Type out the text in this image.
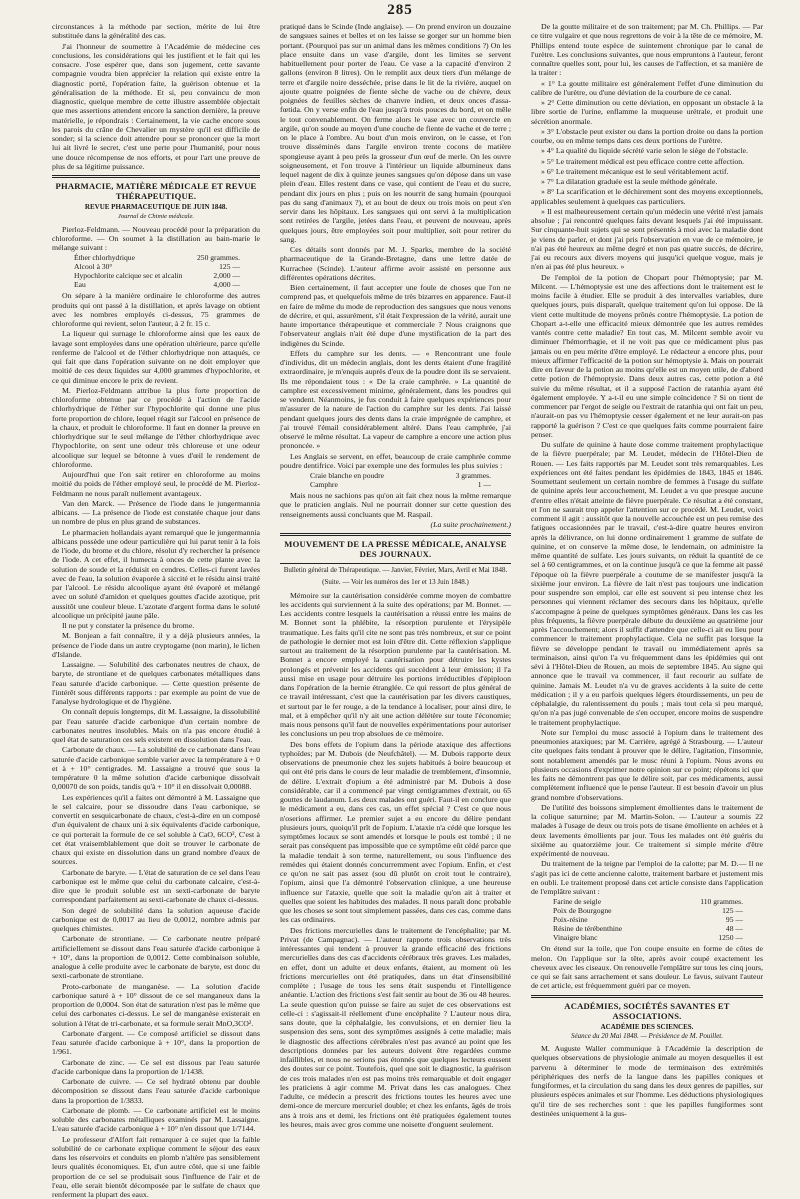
285

circonstances à la méthode par section, mérite de lui être substituée dans la généralité des cas.

J'ai l'honneur de soumettre à l'Académie de médecine ces conclusions, les considérations qui les justifient et le fait qui les consacre. J'ose espérer que, dans son jugement, cette savante compagnie voudra bien apprécier la relation qui existe entre la diagnostic porté, l'opération faite, la guérison obtenue et la généralisation de la méthode. Et si, peu convaincu de mon diagnostic, quelque membre de cette illustre assemblée objectait que mes assertions attendent encore la sanction dernière, la preuve matérielle, je répondrais : Certainement, la vie cache encore sous les parois du crâne de Chevalier un mystère qu'il est difficile de sonder; si la science doit attendre pour se prononcer que la mort lui ait livré le secret, c'est une perte pour l'humanité, pour nous une douce récompense de nos efforts, et pour l'art une preuve de plus de sa légitime puissance.

PHARMACIE, MATIÈRE MÉDICALE ET REVUE THÉRAPEUTIQUE.
REVUE PHARMACEUTIQUE DE JUIN 1848.
Journal de Chimie médicale.

Pierloz-Feldmann. — Nouveau procédé pour la préparation du chloroforme. — On soumet à la distillation au bain-marie le mélange suivant :

Éther chlorhydrique	250 grammes.
Alcool à 30°	125 —
Hypochlorite calcique sec et alcalin	2,000 —
Eau	4,000 —

On sépare à la manière ordinaire le chloroforme des autres produits qui ont passé à la distillation, et après lavage on obtient avec les nombres employés ci-dessus, 75 grammes de chloroforme qui revient, selon l'auteur, à 2 fr. 15 c.

La liqueur qui surnage le chloroforme ainsi que les eaux de lavage sont employées dans une opération ultérieure, parce qu'elle renferme de l'alcool et de l'éther chlorhydrique non attaqués, ce qui fait que dans l'opération suivante on ne doit employer que moitié de ces deux liquides sur 4,000 grammes d'hypochlorite, et ce qui diminue encore le prix de revient.

M. Pierloz-Feldmann attribue la plus forte proportion de chloroforme obtenue par ce procédé à l'action de l'acide chlorhydrique de l'éther sur l'hypochlorite qui donne une plus forte proportion de chlore, lequel réagit sur l'alcool en présence de la chaux, et produit le chloroforme. Il faut en donner la preuve en chlorhydrique sur le seul mélange de l'éther chlorhydrique avec l'hypochlorite, on sent une odeur très chloreuse et une odeur alcoolique sur lequel se bétonne à vues d'œil le rendement de chloroforme.

Aujourd'hui que l'on sait retirer en chloroforme au moins moitié du poids de l'éther employé seul, le procédé de M. Pierloz-Feldmann ne nous paraît nullement avantageux.

Van den Marck. — Présence de l'iode dans le jungermannia albicans. — La présence de l'iode est constatée chaque jour dans un nombre de plus en plus grand de substances.

Le pharmacien hollandais ayant remarqué que le jungermannia albicans possède une odeur particulière qui lui parut tenir à la fois de l'iode, du brome et du chlore, résolut d'y rechercher la présence de l'iode. A cet effet, il humecta à onces de cette plante avec la solution de soude et la réduisit en cendres. Celles-ci furent lavées avec de l'eau, la solution évaporée à siccité et le résidu ainsi traité par l'alcool. Le résidu alcoolique ayant été évaporé et mélangé avec un soluté d'amidon et quelques gouttes d'acide azotique, prit aussitôt une couleur bleue. L'azotate d'argent forma dans le soluté alcoolique un précipité jaune pâle.

Il ne put y constater la présence du brome.

M. Bonjean a fait connaître, il y a déjà plusieurs années, la présence de l'iode dans un autre cryptogame (non marin), le lichen d'Islande.

Lassaigne. — Solubilité des carbonates neutres de chaux, de baryte, de strontiane et de quelques carbonates métalliques dans l'eau saturée d'acide carbonique. — Cette question présente de l'intérêt sous différents rapports : par exemple au point de vue de l'analyse hydrologique et de l'hygiène.

On connaît depuis longtemps, dit M. Lassaigne, la dissolubilité par l'eau saturée d'acide carbonique d'un certain nombre de carbonates neutres insolubles. Mais on n'a pas encore étudié à quel état de saturation ces sels existent en dissolution dans l'eau.

Carbonate de chaux. — La solubilité de ce carbonate dans l'eau saturée d'acide carbonique semble varier avec la température à + 0 et à + 10° centigrades. M. Lassaigne a trouvé que sous la température 0 la même solution d'acide carbonique dissolvait 0,00070 de son poids, tandis qu'à + 10° il en dissolvait 0,00088.

Les expériences qu'il a faites ont démontré à M. Lassaigne que le sel calcaire, pour se dissoudre dans l'eau carbonique, se convertit en sesquicarbonate de chaux, c'est-à-dire en un composé d'un équivalent de chaux uni à six équivalents d'acide carbonique, ce qui porterait la formule de ce sel soluble à CaO, 6CO², C'est à cet état vraisemblablement que doit se trouver le carbonate de chaux qui existe en dissolution dans un grand nombre d'eaux de sources.

Carbonate de baryte. — L'état de saturation de ce sel dans l'eau carbonique est le même que celui du carbonate calcaire, c'est-à-dire que le produit soluble est un sexti-carbonate de baryte correspondant parfaitement au sexti-carbonate de chaux ci-dessus.

Son degré de solubilité dans la solution aqueuse d'acide carbonique est de 0,0017 au lieu de 0,0012, nombre admis par quelques chimistes.

Carbonate de strontiane. — Ce carbonate neutre préparé artificiellement se dissout dans l'eau saturée d'acide carbonique à + 10°, dans la proportion de 0,0012. Cette combinaison soluble, analogue à celle produite avec le carbonate de baryte, est donc du sexti-carbonate de strontiane.

Proto-carbonate de manganèse. — La solution d'acide carbonique saturé à + 10° dissout de ce sel manganeux dans la proportion de 0,0004. Son état de saturation n'est pas le même que celui des carbonates ci-dessus. Le sel de manganèse existerait en solution à l'état de tri-carbonate, et sa formule serait MnO,3CO².

Carbonate d'argent. — Ce composé artificiel se dissout dans l'eau saturée d'acide carbonique à + 10°, dans la proportion de 1/961.

Carbonate de zinc. — Ce sel est dissous par l'eau saturée d'acide carbonique dans la proportion de 1/1438.

Carbonate de cuivre. — Ce sel hydraté obtenu par double décomposition se dissout dans l'eau saturée d'acide carbonique dans la proportion de 1/3833.

Carbonate de plomb. — Ce carbonate artificiel est le moins soluble des carbonates métalliques examinés par M. Lassaigne. L'eau saturée d'acide carbonique à + 10° n'en dissout que 1/7144.

Le professeur d'Alfort fait remarquer à ce sujet que la faible solubilité de ce carbonate explique comment le séjour des eaux dans les réservoirs et conduits en plomb n'altère pas sensiblement leurs qualités économiques. Et, d'un autre côté, que si une faible proportion de ce sel se produisait sous l'influence de l'air et de l'eau, elle serait bientôt décomposée par le sulfate de chaux que renferment la plupart des eaux.

pratiqué dans le Scinde (Inde anglaise). — On prend environ un douzaine de sangsues saines et belles et on les laisse se gorger sur un homme bien portant. (Pourquoi pas sur un animal dans les mêmes conditions ?) On les place ensuite dans un vase d'argile, dont les limites se servent habituellement pour porter de l'eau. Ce vase a la capacité d'environ 2 gallons (environ 8 litres). On le remplit aux deux tiers d'un mélange de terre et d'argile noire desséchée, prise dans le lit de la rivière, auquel on ajoute quatre poignées de fiente sèche de vache ou de chèvre, deux poignées de feuilles sèches de chanvre indien, et deux onces d'assa-fœtida. On y verse enfin de l'eau jusqu'à trois pouces du bord, et on mêle le tout convenablement. On ferme alors le vase avec un couvercle en argile, qu'on soude au moyen d'une couche de fiente de vache et de terre ; on le place à l'ombre. Au bout d'un mois environ, on le casse, et l'on trouve disséminés dans l'argile environ trente cocons de matière spongieuse ayant à peu près la grosseur d'un œuf de merle. On les ouvre soigneusement, et l'on trouve à l'intérieur un liquide albumineux dans lequel nagent de dix à quinze jeunes sangsues qu'on dépose dans un vase plein d'eau. Elles restent dans ce vase, qui contient de l'eau et du sucre, pendant dix jours en plus ; puis on les nourrit de sang humain (pourquoi pas du sang d'animaux ?), et au bout de deux ou trois mois on peut s'en servir dans les hôpitaux. Les sangsues qui ont servi à la multiplication sont retirées de l'argile, jetées dans l'eau, et peuvent de nouveau, après quelques jours, être employées soit pour multiplier, soit pour retirer du sang.

Ces détails sont donnés par M. J. Sparks, membre de la société pharmaceutique de la Grande-Bretagne, dans une lettre datée de Kurrachee (Scinde). L'auteur affirme avoir assisté en personne aux différentes opérations décrites.

Bien certainement, il faut accepter une foule de choses que l'on ne comprend pas, et quelquefois même de très bizarres en apparence. Faut-il en faire de même du mode de reproduction des sangsues que nous venons de décrire, et qui, assurément, s'il était l'expression de la vérité, aurait une haute importance thérapeutique et commerciale ? Nous craignons que l'observateur anglais n'ait été dupe d'une mystification de la part des indigènes du Scinde.

Effets du camphre sur les dents. — « Rencontrant une foule d'individus, dit un médecin anglais, dont les dents étaient d'une fragilité extraordinaire, je m'enquis auprès d'eux de la poudre dont ils se servaient. Ils me répondaient tous : « De la craie camphrée. » La quantité de camphre est excessivement minime, généralement, dans les poudres qui se vendent. Néanmoins, je fus conduit à faire quelques expériences pour m'assurer de la nature de l'action du camphre sur les dents. J'ai laissé pendant quelques jours des dents dans la craie imprégnée de camphre, et j'ai trouvé l'émail considérablement altéré. Dans l'eau camphrée, j'ai observé le même résultat. La vapeur de camphre a encore une action plus prononcée. »

Les Anglais se servent, en effet, beaucoup de craie camphrée comme poudre dentifrice. Voici par exemple une des formules les plus suivies :

Craie blanche en poudre	3 grammes.
Camphre	1 —

Mais nous ne sachions pas qu'on ait fait chez nous la même remarque que le praticien anglais. Nul ne pourrait donner sur cette question des renseignements aussi concluants que M. Raspail.

(La suite prochainement.)
MOUVEMENT DE LA PRESSE MÉDICALE, ANALYSE DES JOURNAUX.
Bulletin général de Thérapeutique. — Janvier, Février, Mars, Avril et Mai 1848.
(Suite. — Voir les numéros des 1er et 13 Juin 1848.)

Mémoire sur la cautérisation considérée comme moyen de combattre les accidents qui surviennent à la suite des opérations; par M. Bonnet. — Les accidents contre lesquels la cautérisation a réussi entre les mains de M. Bonnet sont la phlébite, la résorption purulente et l'érysipèle traumatique. Les faits qu'il cite ne sont pas très nombreux, et sur ce point de pathologie le dernier mot est loin d'être dit. Cette réflexion s'applique surtout au traitement de la résorption purulente par la cautérisation. M. Bonnet a encore employé la cautérisation pour détruire les kystes prolongés et prévenir les accidents qui succèdent à leur émission; il l'a aussi mise en usage pour détruire les portions irréductibles d'épiploon dans l'opération de la hernie étranglée. Ce qui ressort de plus général de ce travail intéressant, c'est que la cautérisation par les divers caustiques, et surtout par le fer rouge, a de la tendance à localiser, pour ainsi dire, le mal, et à empêcher qu'il n'y ait une action délétère sur toute l'économie; mais nous pensons qu'il faut de nouvelles expérimentations pour autoriser les conclusions un peu trop absolues de ce mémoire.

Des bons effets de l'opium dans la période ataxique des affections typhoïdes; par M. Dubois (de Neufchâtel). — M. Dubois rapporte deux observations de pneumonie chez les sujets habitués à boire beaucoup et qui ont été pris dans le cours de leur maladie de tremblement, d'insomnie, de délire. L'extrait d'opium a été administré par M. Dubois à dose considérable, car il a commencé par vingt centigrammes d'extrait, ou 65 gouttes de laudanum. Les deux malades ont guéri. Faut-il en conclure que le médicament a eu, dans ces cas, un effet spécial ? C'est ce que nous n'oserions affirmer. Le premier sujet a eu encore du délire pendant plusieurs jours, quoiqu'il prît de l'opium. L'ataxie n'a cédé que lorsque les symptômes locaux se sont amendés et lorsque le pouls est tombé ; il ne serait pas conséquent pas impossible que ce symptôme eût cédé parce que la maladie tendait à son terme, naturellement, ou sous l'influence des remèdes qui étaient donnés concurremment avec l'opium. Enfin, et c'est ce qu'on ne sait pas assez (sou dû plutôt on croit tout le contraire), l'opium, ainsi que l'a démontré l'observation clinique, a une heureuse influence sur l'ataxie, quelle que soit la maladie qu'on ait à traiter et quelles que soient les habitudes des malades. Il nous paraît donc probable que les choses se sont tout simplement passées, dans ces cas, comme dans les cas ordinaires.

Des frictions mercurielles dans le traitement de l'encéphalite; par M. Privat (de Campagnac). — L'auteur rapporte trois observations très intéressantes qui tendent à prouver la grande efficacité des frictions mercurielles dans des cas d'accidents cérébraux très graves. Les malades, en effet, dont un adulte et deux enfants, étaient, au moment où les frictions mercurielles ont été pratiquées, dans un état d'insensibilité complète ; l'usage de tous les sens était suspendu et l'intelligence anéantie. L'action des frictions s'est fait sentir au bout de 36 ou 48 heures. La seule question qu'on puisse se faire au sujet de ces observations est celle-ci : s'agissait-il réellement d'une encéphalite ? L'auteur nous dira, sans doute, que la céphalalgie, les convulsions, et en dernier lieu la suspension des sens, sont des symptômes assignés à cette maladie; mais le diagnostic des affections cérébrales n'est pas avancé au point que les descriptions données par les auteurs doivent être regardées comme infaillibles, et nous ne serions pas étonnés que quelques lecteurs eussent des doutes sur ce point. Toutefois, quel que soit le diagnostic, la guérison de ces trois malades n'en est pas moins très remarquable et doit engager les praticiens à agir comme M. Privat dans les cas analogues. Chez l'adulte, ce médecin a prescrit des frictions toutes les heures avec une demi-once de mercure mercuriel double; et chez les enfants, âgés de trois ans à trois ans et demi, les frictions ont été pratiquées également toutes les heures, mais avec gros comme une noisette d'onguent seulement.

De la goutte militaire et de son traitement; par M. Ch. Phillips. — Par ce titre vulgaire et que nous regrettons de voir à la tête de ce mémoire, M. Phillips entend toute espèce de suintement chronique par le canal de l'urètre. Les conclusions suivantes, que nous empruntons à l'auteur, feront connaître quelles sont, pour lui, les causes de l'affection, et sa manière de la traiter :

« 1° La goutte militaire est généralement l'effet d'une diminution du calibre de l'urètre, ou d'une déviation de la courbure de ce canal.

» 2° Cette diminution ou cette déviation, en opposant un obstacle à la libre sortie de l'urine, enflamme la muqueuse urétrale, et produit une sécrétion anormale.

» 3° L'obstacle peut exister ou dans la portion droite ou dans la portion courbe, ou en même temps dans ces deux portions de l'urètre.

» 4° La qualité du liquide sécrété varie selon le siège de l'obstacle.

» 5° Le traitement médical est peu efficace contre cette affection.

» 6° Le traitement mécanique est le seul véritablement actif.

» 7° La dilatation graduée est la seule méthode générale.

» 8° La scarification et le déchirement sont des moyens exceptionnels, applicables seulement à quelques cas particuliers.

» Il est malheureusement certain qu'un médecin une vérité n'est jamais absolue ; j'ai rencontré quelques faits devant lesquels j'ai été impuissant. Sur cinquante-huit sujets qui se sont présentés à moi avec la maladie dont je viens de parler, et dont j'ai pris l'observation en vue de ce mémoire, je n'ai pas été heureux au même degré et non pas quatre succès, de décrire, j'ai eu recours aux divers moyens qui jusqu'ici quelque vogue, mais je n'en ai pas été plus heureux. »

De l'emploi de la potion de Chopart pour l'hémoptysie; par M. Milcent. — L'hémoptysie est une des affections dont le traitement est le moins facile à étudier. Elle se produit à des intervalles variables, dure quelques jours, puis disparaît, quelque traitement qu'on lui oppose. De là vient cette multitude de moyens prônés contre l'hémoptysie. La potion de Chopart a-t-elle une efficacité mieux démontrée que les autres remèdes vantés contre cette maladie? En tout cas, M. Milcent semble avoir vu diminuer l'hémorrhagie, et il ne voit pas que ce médicament plus pas jamais ou en peu mérite d'être employé. Le rédacteur a encore plus, pour mieux affirmer l'efficacité de la potion sur hémoptysie à. Mais on pourrait dire en faveur de la potion au moins qu'elle est un moyen utile, de d'abord cette potion de l'hémoptysie. Dans deux autres cas, cette potion a été suivie du même résultat, et il a supposé l'action de ratanhia ayant été également employée. Y a-t-il eu une simple coïncidence ? Si on tient de commencer par l'ergot de seigle ou l'extrait de ratanhia qui ont fait un peu, n'aurait-on pas vu l'hémoptysie cesser également et ne leur aurait-on pas rapporté la guérison ? C'est ce que quelques faits comme pourraient faire penser.

Du sulfate de quinine à haute dose comme traitement prophylactique de la fièvre puerpérale; par M. Leudet, médecin de l'Hôtel-Dieu de Rouen. — Les faits rapportés par M. Leudet sont très remarquables. Les expériences ont été faites pendant les épidémies de 1843, 1845 et 1846. Soumettant seulement un certain nombre de femmes à l'usage du sulfate de quinine après leur accouchement, M. Leudet a vu que presque aucune d'entre elles n'était atteinte de fièvre puerpérale. Ce résultat a été constant, et l'on ne saurait trop appeler l'attention sur ce procédé. M. Leudet, voici comment il agit : aussitôt que la nouvelle accouchée est un peu remise des fatigues occasionnées par le travail, c'est-à-dire quatre heures environ après la délivrance, on lui donne ordinairement 1 gramme de sulfate de quinine, et on conserve la même dose, le lendemain, on administre la même quantité de sulfate. Les jours suivants, on réduit la quantité de ce sel à 60 centigrammes, et on la continue jusqu'à ce que la femme ait passé l'époque où la fièvre puerpérale a coutume de se manifester jusqu'à la sixième jour environ. La fièvre de lait n'est pas toujours une indication pour suspendre son emploi, car elle est souvent si peu intense chez les personnes qui viennent réclamer des secours dans les hôpitaux, qu'elle s'accompagne à peine de quelques symptômes généraux. Dans les cas les plus fréquents, la fièvre puerpérale débute du deuxième au quatrième jour après l'accouchement; alors il suffit d'attendre que celle-ci ait eu lieu pour commencer le traitement prophylactique. Cela ne suffit pas lorsque la fièvre se développe pendant le travail ou immédiatement après sa terminaison, ainsi qu'on l'a vu fréquemment dans les épidémies qui ont sévi à l'Hôtel-Dieu de Rouen, au mois de septembre 1845. Au signe qui annonce que le travail va commencer, il faut recourir au sulfate de quinine. Jamais M. Leudet n'a vu de graves accidents à la suite de cette médication ; il y a eu parfois quelques légers étourdissements, un peu de céphalalgie, du ralentissement du pouls ; mais tout cela si peu marqué, qu'on n'a pas jugé convenable de s'en occuper, encore moins de suspendre le traitement prophylactique.

Note sur l'emploi du musc associé à l'opium dans le traitement des pneumonies ataxiques; par M. Carrière, agrégé à Strasbourg. — L'auteur cite quelques faits tendant à prouver que le délire, l'agitation, l'insomnie, sont notablement amendés par le musc réuni à l'opium. Nous avons eu plusieurs occasions d'exprimer notre opinion sur ce point; répétons ici que les faits ne démontrent pas que le délire soit, par ces médicaments, aussi complètement influencé que le pense l'auteur. Il est besoin d'avoir un plus grand nombre d'observations.

De l'utilité des boissons simplement émollientes dans le traitement de la colique saturnine; par M. Martin-Solon. — L'auteur a soumis 22 malades à l'usage de deux ou trois pots de tisane émolliente en achées et à deux lavements émollients par jour. Tous les malades ont été guéris du sixième au quatorzième jour. Ce traitement si simple mérite d'être expérimenté de nouveau.

Du traitement de la teigne par l'emploi de la calotte; par M. D.— Il ne s'agit pas ici de cette ancienne calotte, traitement barbare et justement mis en oubli. Le traitement proposé dans cet article consiste dans l'application de l'emplâtre suivant :

Farine de seigle	110 grammes.
Poix de Bourgogne	125 —
Poix-résine	95 —
Résine de térébenthine	48 —
Vinaigre blanc	1250 —

On étend sur la toile, que l'on coupe ensuite en forme de côtes de melon. On l'applique sur la tête, après avoir coupé exactement les cheveux avec les ciseaux. On renouvelle l'emplâtre sur tous les cinq jours, ce qui se fait sans arrachement et sans douleur. Le favus, suivant l'auteur de cet article, est fréquemment guéri par ce moyen.

ACADÉMIES, SOCIÉTÉS SAVANTES ET ASSOCIATIONS.
ACADÉMIE DES SCIENCES.
Séance du 20 Mai 1848. — Présidence de M. Pouillet.

M. Auguste Waller communique à l'Académie la description de quelques observations de physiologie animale au moyen desquelles il est parvenu à déterminer le mode de terminaison des extrémités périphériques des nerfs de la langue dans les papilles coniques et fungiformes, et la circulation du sang dans les deux genres de papilles, sur plusieurs espèces animales et sur l'homme. Les déductions physiologiques qu'il tire de ses recherches sont : que les papilles fungiformes sont destinées uniquement à la gus-
